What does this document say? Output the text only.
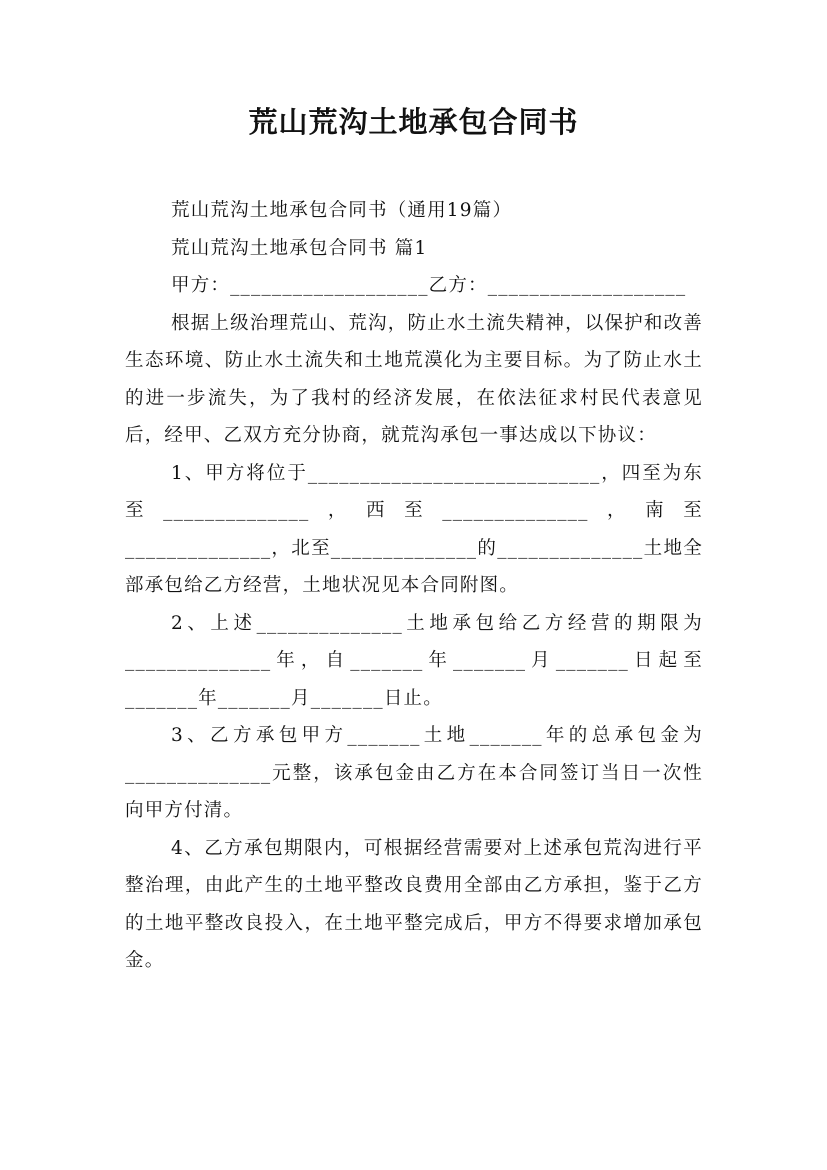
荒山荒沟土地承包合同书

荒山荒沟土地承包合同书（通用19篇）

荒山荒沟土地承包合同书 篇1

甲方：___________________乙方：___________________

根据上级治理荒山、荒沟，防止水土流失精神，以保护和改善生态环境、防止水土流失和土地荒漠化为主要目标。为了防止水土的进一步流失，为了我村的经济发展，在依法征求村民代表意见后，经甲、乙双方充分协商，就荒沟承包一事达成以下协议：

1、甲方将位于____________________________，四至为东至______________，西至______________，南至______________，北至______________的______________土地全部承包给乙方经营，土地状况见本合同附图。

2、上述______________土地承包给乙方经营的期限为______________年，自_______年_______月_______日起至_______年_______月_______日止。

3、乙方承包甲方_______土地_______年的总承包金为______________元整，该承包金由乙方在本合同签订当日一次性向甲方付清。

4、乙方承包期限内，可根据经营需要对上述承包荒沟进行平整治理，由此产生的土地平整改良费用全部由乙方承担，鉴于乙方的土地平整改良投入，在土地平整完成后，甲方不得要求增加承包金。
